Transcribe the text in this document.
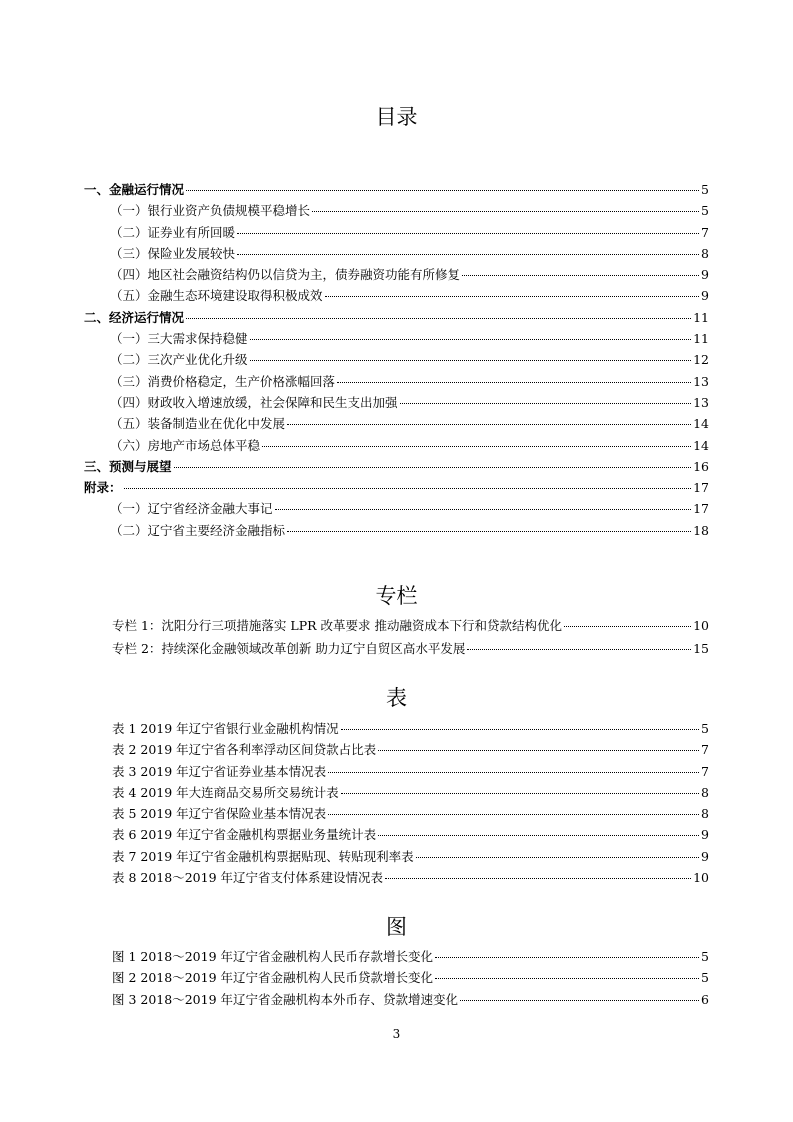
目录
一、金融运行情况	5
（一）银行业资产负债规模平稳增长	5
（二）证券业有所回暖	7
（三）保险业发展较快	8
（四）地区社会融资结构仍以信贷为主，债券融资功能有所修复	9
（五）金融生态环境建设取得积极成效	9
二、经济运行情况	11
（一）三大需求保持稳健	11
（二）三次产业优化升级	12
（三）消费价格稳定，生产价格涨幅回落	13
（四）财政收入增速放缓，社会保障和民生支出加强	13
（五）装备制造业在优化中发展	14
（六）房地产市场总体平稳	14
三、预测与展望	16
附录：	17
（一）辽宁省经济金融大事记	17
（二）辽宁省主要经济金融指标	18
专栏
专栏 1：沈阳分行三项措施落实 LPR 改革要求 推动融资成本下行和贷款结构优化	10
专栏 2：持续深化金融领域改革创新 助力辽宁自贸区高水平发展	15
表
表 1 2019 年辽宁省银行业金融机构情况	5
表 2 2019 年辽宁省各利率浮动区间贷款占比表	7
表 3 2019 年辽宁省证券业基本情况表	7
表 4 2019 年大连商品交易所交易统计表	8
表 5 2019 年辽宁省保险业基本情况表	8
表 6 2019 年辽宁省金融机构票据业务量统计表	9
表 7 2019 年辽宁省金融机构票据贴现、转贴现利率表	9
表 8 2018～2019 年辽宁省支付体系建设情况表	10
图
图 1 2018～2019 年辽宁省金融机构人民币存款增长变化	5
图 2 2018～2019 年辽宁省金融机构人民币贷款增长变化	5
图 3 2018～2019 年辽宁省金融机构本外币存、贷款增速变化	6
3
